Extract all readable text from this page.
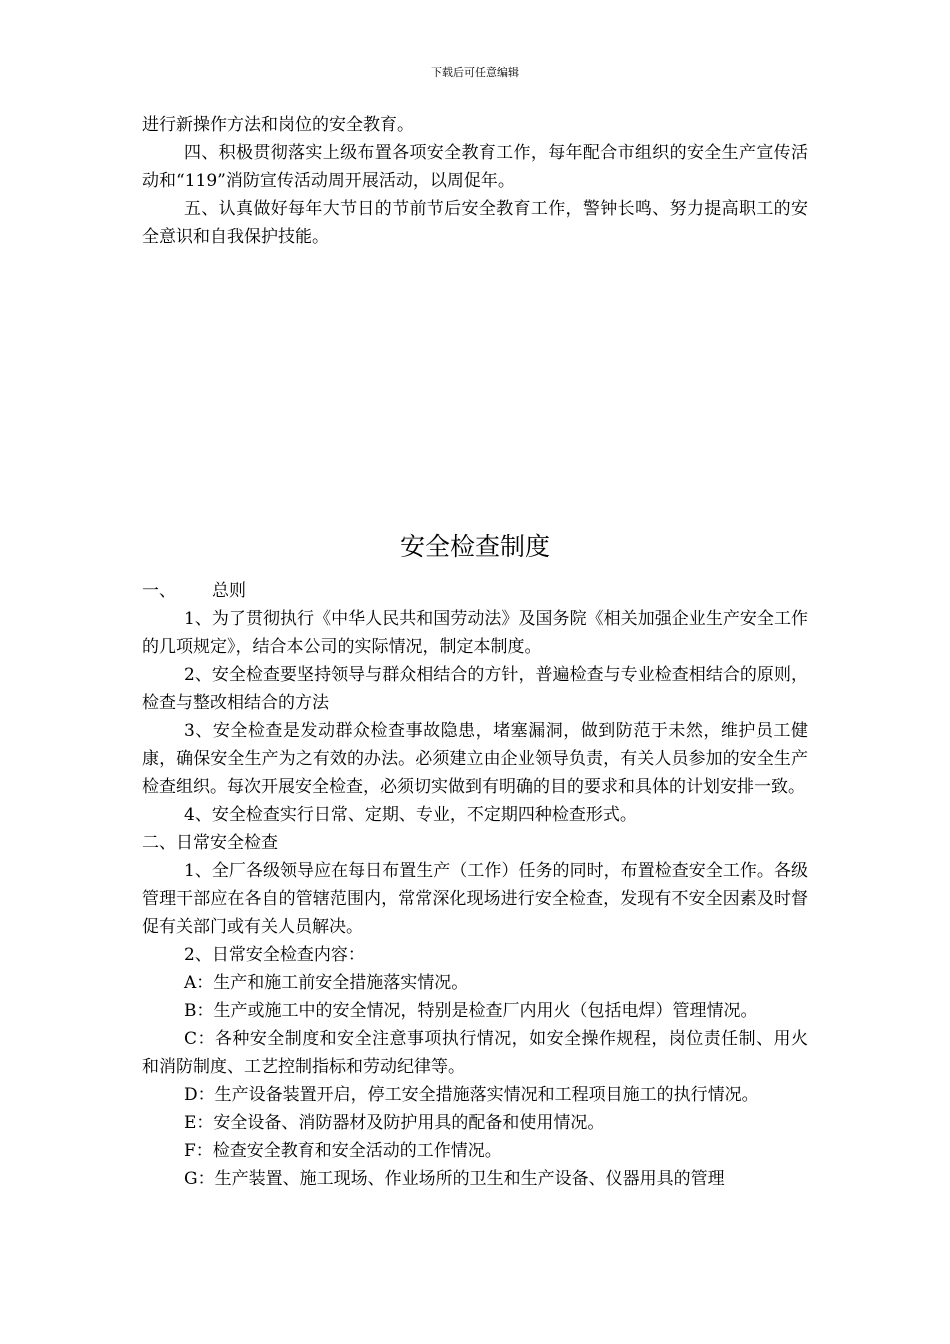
下载后可任意编辑

进行新操作方法和岗位的安全教育。

四、积极贯彻落实上级布置各项安全教育工作，每年配合市组织的安全生产宣传活动和“119”消防宣传活动周开展活动，以周促年。

五、认真做好每年大节日的节前节后安全教育工作，警钟长鸣、努力提高职工的安全意识和自我保护技能。

安全检查制度

一、 总则

1、为了贯彻执行《中华人民共和国劳动法》及国务院《相关加强企业生产安全工作的几项规定》，结合本公司的实际情况，制定本制度。

2、安全检查要坚持领导与群众相结合的方针，普遍检查与专业检查相结合的原则，检查与整改相结合的方法

3、安全检查是发动群众检查事故隐患，堵塞漏洞，做到防范于未然，维护员工健康，确保安全生产为之有效的办法。必须建立由企业领导负责，有关人员参加的安全生产检查组织。每次开展安全检查，必须切实做到有明确的目的要求和具体的计划安排一致。

4、安全检查实行日常、定期、专业，不定期四种检查形式。

二、日常安全检查

1、全厂各级领导应在每日布置生产（工作）任务的同时，布置检查安全工作。各级管理干部应在各自的管辖范围内，常常深化现场进行安全检查，发现有不安全因素及时督促有关部门或有关人员解决。

2、日常安全检查内容：

A：生产和施工前安全措施落实情况。

B：生产或施工中的安全情况，特别是检查厂内用火（包括电焊）管理情况。

C：各种安全制度和安全注意事项执行情况，如安全操作规程，岗位责任制、用火和消防制度、工艺控制指标和劳动纪律等。

D：生产设备装置开启，停工安全措施落实情况和工程项目施工的执行情况。

E：安全设备、消防器材及防护用具的配备和使用情况。

F：检查安全教育和安全活动的工作情况。

G：生产装置、施工现场、作业场所的卫生和生产设备、仪器用具的管理
